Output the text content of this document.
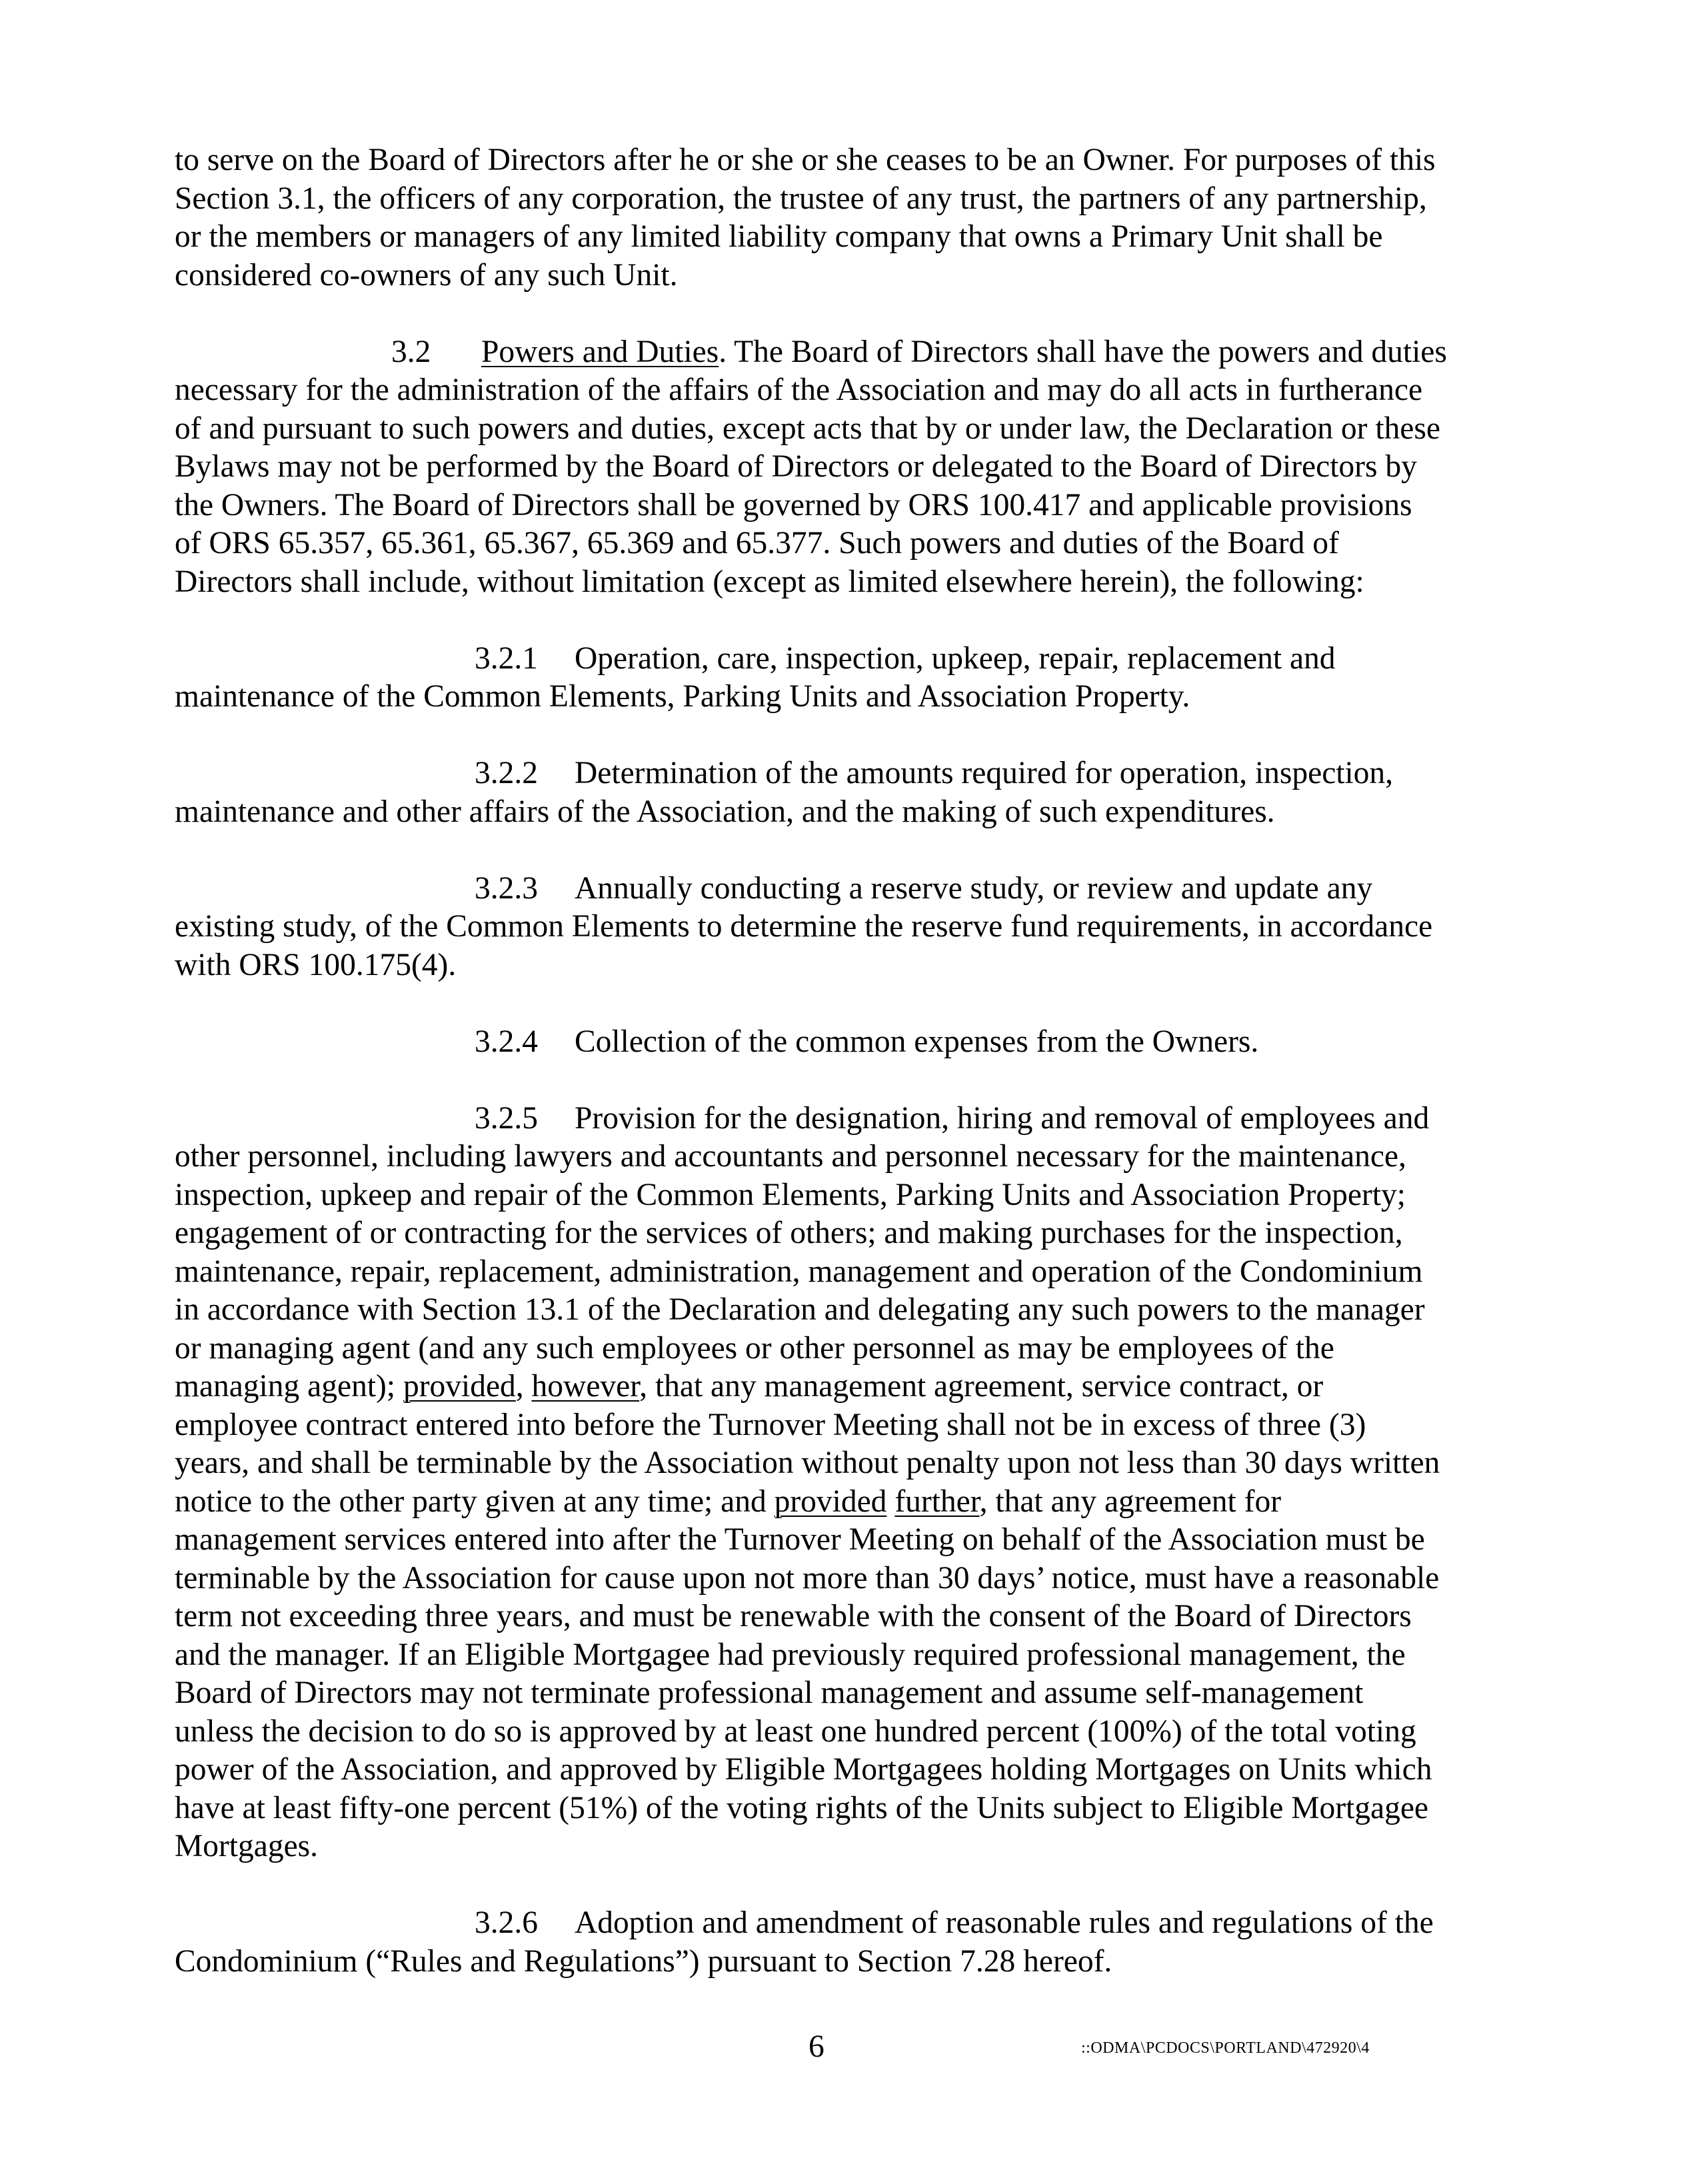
to serve on the Board of Directors after he or she or she ceases to be an Owner. For purposes of this
Section 3.1, the officers of any corporation, the trustee of any trust, the partners of any partnership,
or the members or managers of any limited liability company that owns a Primary Unit shall be
considered co-owners of any such Unit.
3.2 Powers and Duties. The Board of Directors shall have the powers and duties
necessary for the administration of the affairs of the Association and may do all acts in furtherance
of and pursuant to such powers and duties, except acts that by or under law, the Declaration or these
Bylaws may not be performed by the Board of Directors or delegated to the Board of Directors by
the Owners. The Board of Directors shall be governed by ORS 100.417 and applicable provisions
of ORS 65.357, 65.361, 65.367, 65.369 and 65.377. Such powers and duties of the Board of
Directors shall include, without limitation (except as limited elsewhere herein), the following:
3.2.1 Operation, care, inspection, upkeep, repair, replacement and
maintenance of the Common Elements, Parking Units and Association Property.
3.2.2 Determination of the amounts required for operation, inspection,
maintenance and other affairs of the Association, and the making of such expenditures.
3.2.3 Annually conducting a reserve study, or review and update any
existing study, of the Common Elements to determine the reserve fund requirements, in accordance
with ORS 100.175(4).
3.2.4 Collection of the common expenses from the Owners.
3.2.5 Provision for the designation, hiring and removal of employees and
other personnel, including lawyers and accountants and personnel necessary for the maintenance,
inspection, upkeep and repair of the Common Elements, Parking Units and Association Property;
engagement of or contracting for the services of others; and making purchases for the inspection,
maintenance, repair, replacement, administration, management and operation of the Condominium
in accordance with Section 13.1 of the Declaration and delegating any such powers to the manager
or managing agent (and any such employees or other personnel as may be employees of the
managing agent); provided, however, that any management agreement, service contract, or
employee contract entered into before the Turnover Meeting shall not be in excess of three (3)
years, and shall be terminable by the Association without penalty upon not less than 30 days written
notice to the other party given at any time; and provided further, that any agreement for
management services entered into after the Turnover Meeting on behalf of the Association must be
terminable by the Association for cause upon not more than 30 days’ notice, must have a reasonable
term not exceeding three years, and must be renewable with the consent of the Board of Directors
and the manager. If an Eligible Mortgagee had previously required professional management, the
Board of Directors may not terminate professional management and assume self-management
unless the decision to do so is approved by at least one hundred percent (100%) of the total voting
power of the Association, and approved by Eligible Mortgagees holding Mortgages on Units which
have at least fifty-one percent (51%) of the voting rights of the Units subject to Eligible Mortgagee
Mortgages.
3.2.6 Adoption and amendment of reasonable rules and regulations of the
Condominium (“Rules and Regulations”) pursuant to Section 7.28 hereof.
6	::ODMA\PCDOCS\PORTLAND\472920\4
